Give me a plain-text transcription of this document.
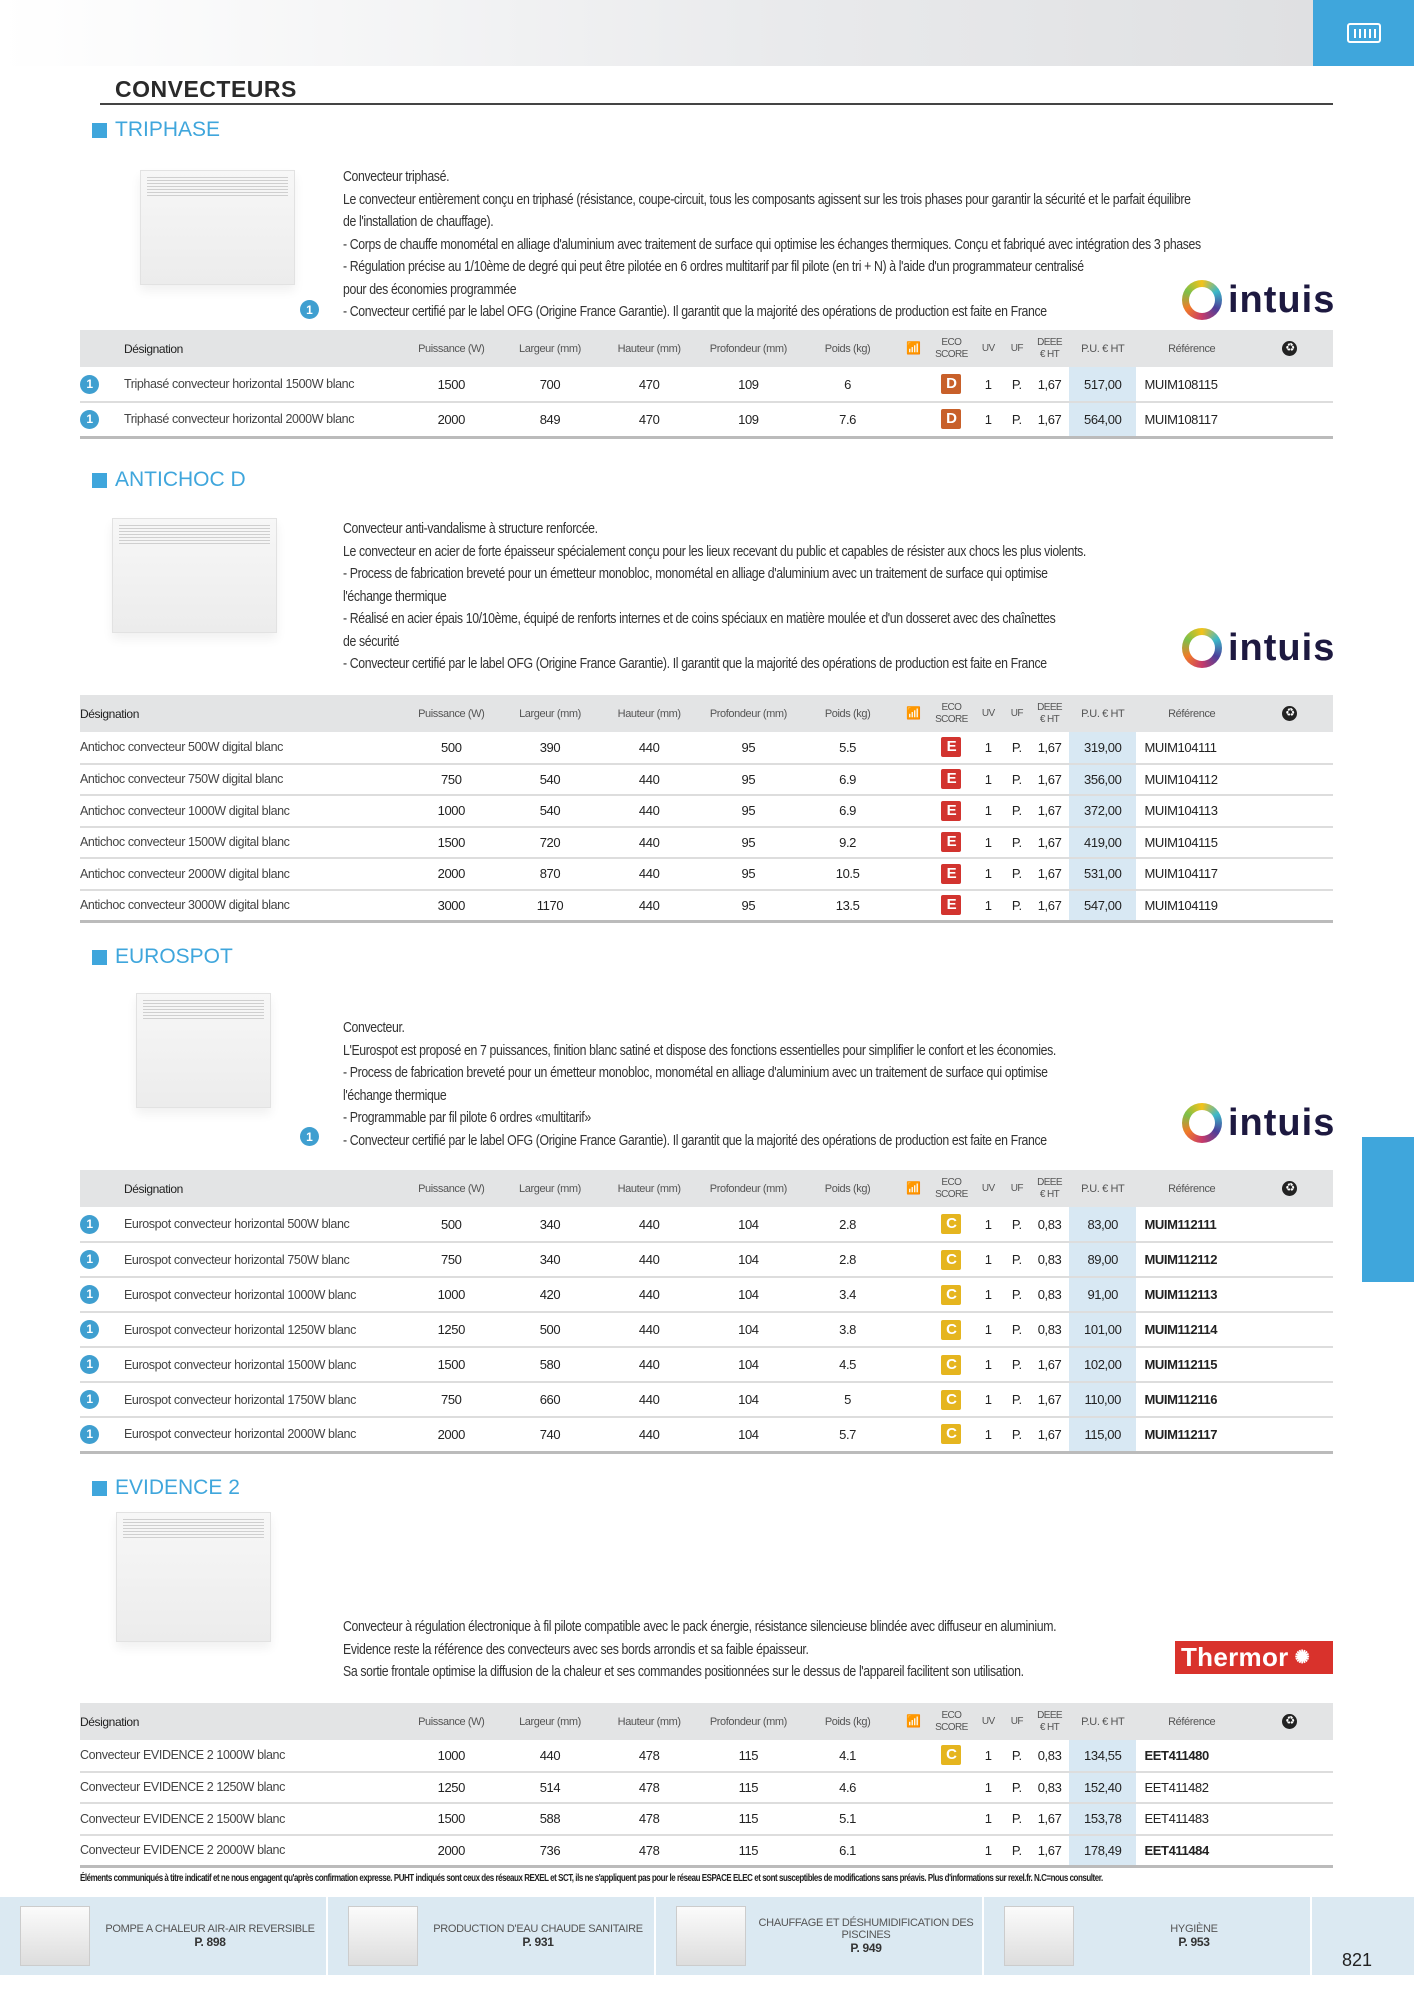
CONVECTEURS
TRIPHASE
1
Convecteur triphasé.
Le convecteur entièrement conçu en triphasé (résistance, coupe-circuit, tous les composants agissent sur les trois phases pour garantir la sécurité et le parfait équilibre
de l'installation de chauffage).
- Corps de chauffe monométal en alliage d'aluminium avec traitement de surface qui optimise les échanges thermiques. Conçu et fabriqué avec intégration des 3 phases
- Régulation précise au 1/10ème de degré qui peut être pilotée en 6 ordres multitarif par fil pilote (en tri + N) à l'aide d'un programmateur centralisé
pour des économies programmée
- Convecteur certifié par le label OFG (Origine France Garantie). Il garantit que la majorité des opérations de production est faite en France	intuis
	Désignation	Puissance (W)	Largeur (mm)	Hauteur (mm)	Profondeur (mm)	Poids (kg)	📶	ECO
SCORE	UV	UF	DEEE
€ HT	P.U. € HT	Référence	♻
1	Triphasé convecteur horizontal 1500W blanc	1500	700	470	109	6		D	1	P.	1,67	517,00	MUIM108115	
1	Triphasé convecteur horizontal 2000W blanc	2000	849	470	109	7.6		D	1	P.	1,67	564,00	MUIM108117	
ANTICHOC D
Convecteur anti-vandalisme à structure renforcée.
Le convecteur en acier de forte épaisseur spécialement conçu pour les lieux recevant du public et capables de résister aux chocs les plus violents.
- Process de fabrication breveté pour un émetteur monobloc, monométal en alliage d'aluminium avec un traitement de surface qui optimise
l'échange thermique
- Réalisé en acier épais 10/10ème, équipé de renforts internes et de coins spéciaux en matière moulée et d'un dosseret avec des chaînettes
de sécurité
- Convecteur certifié par le label OFG (Origine France Garantie). Il garantit que la majorité des opérations de production est faite en France	intuis
	Désignation	Puissance (W)	Largeur (mm)	Hauteur (mm)	Profondeur (mm)	Poids (kg)	📶	ECO
SCORE	UV	UF	DEEE
€ HT	P.U. € HT	Référence	♻
	Antichoc convecteur 500W digital blanc	500	390	440	95	5.5		E	1	P.	1,67	319,00	MUIM104111	
	Antichoc convecteur 750W digital blanc	750	540	440	95	6.9		E	1	P.	1,67	356,00	MUIM104112	
	Antichoc convecteur 1000W digital blanc	1000	540	440	95	6.9		E	1	P.	1,67	372,00	MUIM104113	
	Antichoc convecteur 1500W digital blanc	1500	720	440	95	9.2		E	1	P.	1,67	419,00	MUIM104115	
	Antichoc convecteur 2000W digital blanc	2000	870	440	95	10.5		E	1	P.	1,67	531,00	MUIM104117	
	Antichoc convecteur 3000W digital blanc	3000	1170	440	95	13.5		E	1	P.	1,67	547,00	MUIM104119	
EUROSPOT
1
Convecteur.
L'Eurospot est proposé en 7 puissances, finition blanc satiné et dispose des fonctions essentielles pour simplifier le confort et les économies.
- Process de fabrication breveté pour un émetteur monobloc, monométal en alliage d'aluminium avec un traitement de surface qui optimise
l'échange thermique
- Programmable par fil pilote 6 ordres «multitarif»
- Convecteur certifié par le label OFG (Origine France Garantie). Il garantit que la majorité des opérations de production est faite en France	intuis
	Désignation	Puissance (W)	Largeur (mm)	Hauteur (mm)	Profondeur (mm)	Poids (kg)	📶	ECO
SCORE	UV	UF	DEEE
€ HT	P.U. € HT	Référence	♻
1	Eurospot convecteur horizontal 500W blanc	500	340	440	104	2.8		C	1	P.	0,83	83,00	MUIM112111	
1	Eurospot convecteur horizontal 750W blanc	750	340	440	104	2.8		C	1	P.	0,83	89,00	MUIM112112	
1	Eurospot convecteur horizontal 1000W blanc	1000	420	440	104	3.4		C	1	P.	0,83	91,00	MUIM112113	
1	Eurospot convecteur horizontal 1250W blanc	1250	500	440	104	3.8		C	1	P.	0,83	101,00	MUIM112114	
1	Eurospot convecteur horizontal 1500W blanc	1500	580	440	104	4.5		C	1	P.	1,67	102,00	MUIM112115	
1	Eurospot convecteur horizontal 1750W blanc	750	660	440	104	5		C	1	P.	1,67	110,00	MUIM112116	
1	Eurospot convecteur horizontal 2000W blanc	2000	740	440	104	5.7		C	1	P.	1,67	115,00	MUIM112117	
EVIDENCE 2
Convecteur à régulation électronique à fil pilote compatible avec le pack énergie, résistance silencieuse blindée avec diffuseur en aluminium.
Evidence reste la référence des convecteurs avec ses bords arrondis et sa faible épaisseur.
Sa sortie frontale optimise la diffusion de la chaleur et ses commandes positionnées sur le dessus de l'appareil facilitent son utilisation.	Thermor ✺
	Désignation	Puissance (W)	Largeur (mm)	Hauteur (mm)	Profondeur (mm)	Poids (kg)	📶	ECO
SCORE	UV	UF	DEEE
€ HT	P.U. € HT	Référence	♻
	Convecteur EVIDENCE 2 1000W blanc	1000	440	478	115	4.1		C	1	P.	0,83	134,55	EET411480	
	Convecteur EVIDENCE 2 1250W blanc	1250	514	478	115	4.6			1	P.	0,83	152,40	EET411482	
	Convecteur EVIDENCE 2 1500W blanc	1500	588	478	115	5.1			1	P.	1,67	153,78	EET411483	
	Convecteur EVIDENCE 2 2000W blanc	2000	736	478	115	6.1			1	P.	1,67	178,49	EET411484	
Éléments communiqués à titre indicatif et ne nous engagent qu'après confirmation expresse. PUHT indiqués sont ceux des réseaux REXEL et SCT, ils ne s'appliquent pas pour le réseau ESPACE ELEC et sont susceptibles de modifications sans préavis. Plus d'informations sur rexel.fr. N.C=nous consulter.
POMPE A CHALEUR AIR-AIR REVERSIBLE
P. 898
PRODUCTION D'EAU CHAUDE SANITAIRE
P. 931
CHAUFFAGE ET DÉSHUMIDIFICATION DES PISCINES
P. 949
HYGIÈNE
P. 953
821
